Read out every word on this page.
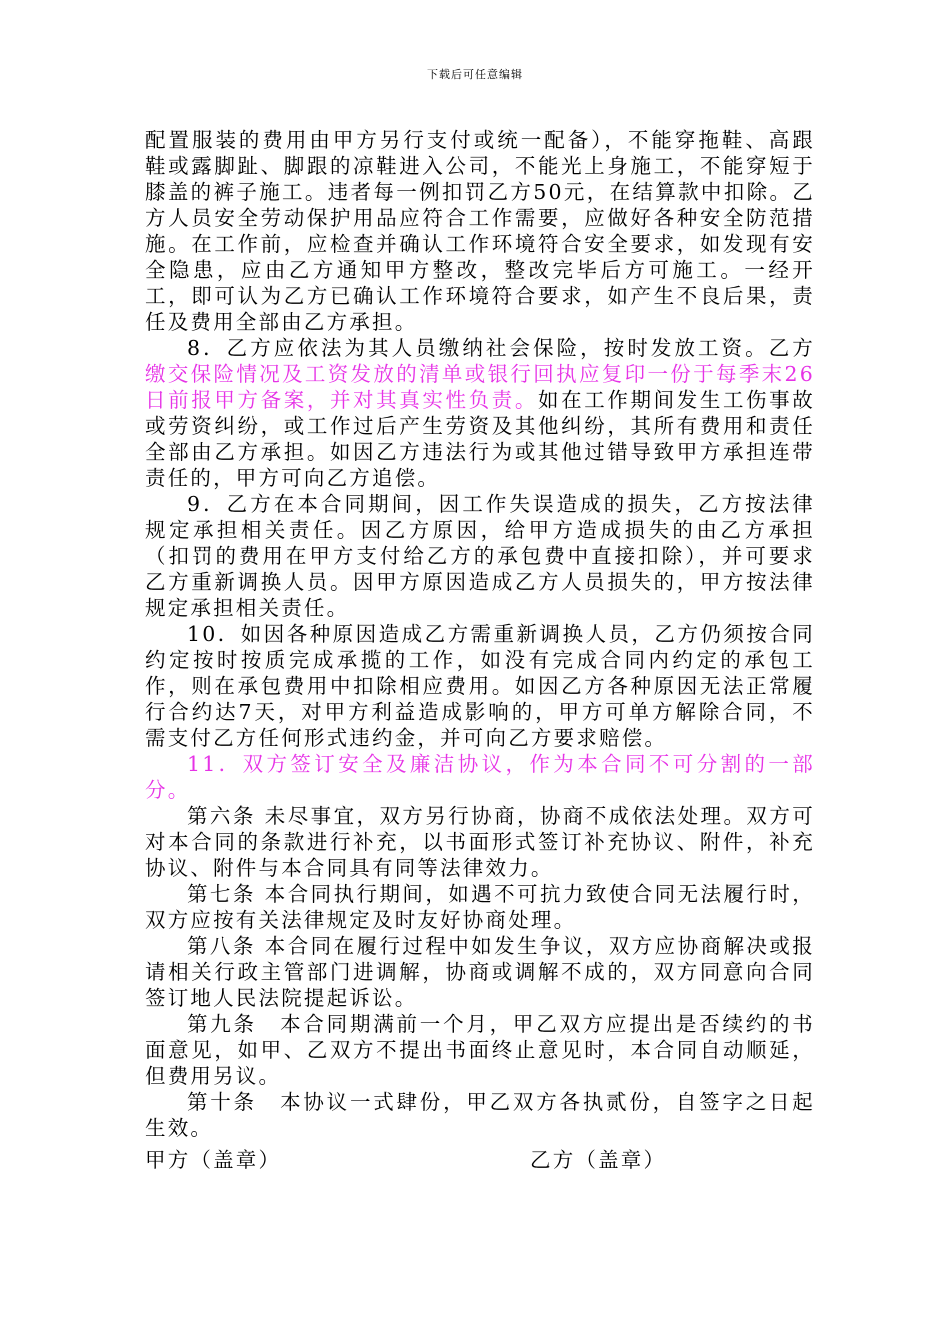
下载后可任意编辑

配置服装的费用由甲方另行支付或统一配备），不能穿拖鞋、高跟鞋或露脚趾、脚跟的凉鞋进入公司，不能光上身施工，不能穿短于膝盖的裤子施工。违者每一例扣罚乙方50元，在结算款中扣除。乙方人员安全劳动保护用品应符合工作需要，应做好各种安全防范措施。在工作前，应检查并确认工作环境符合安全要求，如发现有安全隐患，应由乙方通知甲方整改，整改完毕后方可施工。一经开工，即可认为乙方已确认工作环境符合要求，如产生不良后果，责任及费用全部由乙方承担。

8．乙方应依法为其人员缴纳社会保险，按时发放工资。乙方缴交保险情况及工资发放的清单或银行回执应复印一份于每季末26日前报甲方备案，并对其真实性负责。如在工作期间发生工伤事故或劳资纠纷，或工作过后产生劳资及其他纠纷，其所有费用和责任全部由乙方承担。如因乙方违法行为或其他过错导致甲方承担连带责任的，甲方可向乙方追偿。

9．乙方在本合同期间，因工作失误造成的损失，乙方按法律规定承担相关责任。因乙方原因，给甲方造成损失的由乙方承担（扣罚的费用在甲方支付给乙方的承包费中直接扣除），并可要求乙方重新调换人员。因甲方原因造成乙方人员损失的，甲方按法律规定承担相关责任。

10．如因各种原因造成乙方需重新调换人员，乙方仍须按合同约定按时按质完成承揽的工作，如没有完成合同内约定的承包工作，则在承包费用中扣除相应费用。如因乙方各种原因无法正常履行合约达7天，对甲方利益造成影响的，甲方可单方解除合同，不需支付乙方任何形式违约金，并可向乙方要求赔偿。

11．双方签订安全及廉洁协议，作为本合同不可分割的一部分。

第六条 未尽事宜，双方另行协商，协商不成依法处理。双方可对本合同的条款进行补充，以书面形式签订补充协议、附件，补充协议、附件与本合同具有同等法律效力。

第七条 本合同执行期间，如遇不可抗力致使合同无法履行时，双方应按有关法律规定及时友好协商处理。

第八条 本合同在履行过程中如发生争议，双方应协商解决或报请相关行政主管部门进调解，协商或调解不成的，双方同意向合同签订地人民法院提起诉讼。

第九条　本合同期满前一个月，甲乙双方应提出是否续约的书面意见，如甲、乙双方不提出书面终止意见时，本合同自动顺延，但费用另议。

第十条　本协议一式肆份，甲乙双方各执贰份，自签字之日起生效。

甲方（盖章）	乙方（盖章）
